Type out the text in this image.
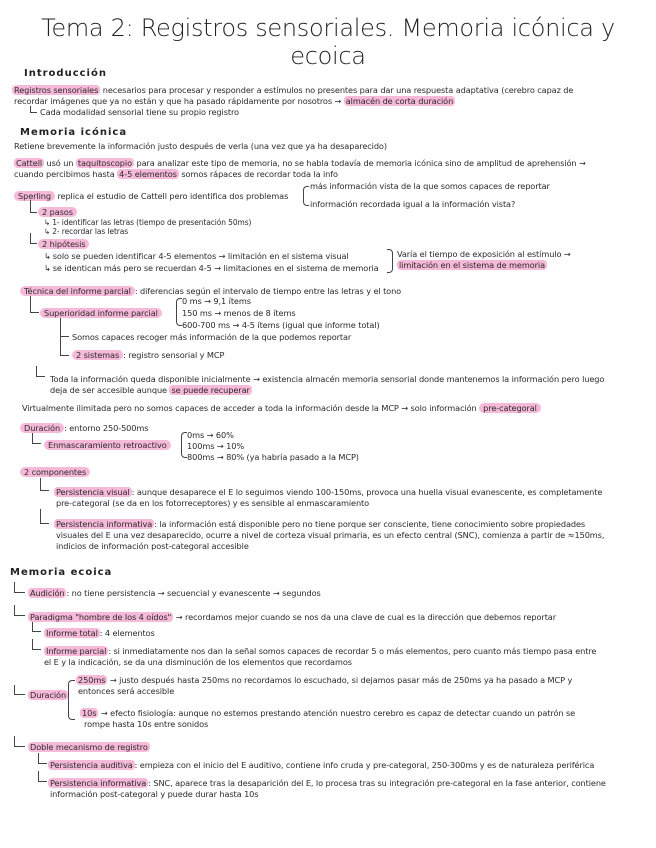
Tema 2: Registros sensoriales. Memoria icónica y ecoica
Introducción
Registros sensoriales necesarios para procesar y responder a estímulos no presentes para dar una respuesta adaptativa (cerebro capaz de
recordar imágenes que ya no están y que ha pasado rápidamente por nosotros → almacén de corta duración
Cada modalidad sensorial tiene su propio registro
Memoria icónica
Retiene brevemente la información justo después de verla (una vez que ya ha desaparecido)
Cattell usó un taquitoscopio para analizar este tipo de memoria, no se habla todavía de memoria icónica sino de amplitud de aprehensión →
cuando percibimos hasta 4-5 elementos somos rápaces de recordar toda la info
Sperling replica el estudio de Cattell pero identifica dos problemas
más información vista de la que somos capaces de reportar
información recordada igual a la información vista?
2 pasos
↳ 1- identificar las letras (tiempo de presentación 50ms)
↳ 2- recordar las letras
2 hipótesis
↳ solo se pueden identificar 4-5 elementos → limitación en el sistema visual
↳ se identican más pero se recuerdan 4-5 → limitaciones en el sistema de memoria
Varía el tiempo de exposición al estímulo →
limitación en el sistema de memoria
Técnica del informe parcial : diferencias según el intervalo de tiempo entre las letras y el tono
Superioridad informe parcial
0 ms → 9,1 ítems
150 ms → menos de 8 ítems
600-700 ms → 4-5 ítems (igual que informe total)
Somos capaces recoger más información de la que podemos reportar
2 sistemas : registro sensorial y MCP
Toda la información queda disponible inicialmente → existencia almacén memoria sensorial donde mantenemos la información pero luego
deja de ser accesible aunque se puede recuperar
Virtualmente ilimitada pero no somos capaces de acceder a toda la información desde la MCP → solo información pre-categoral
Duración : entorno 250-500ms
Enmascaramiento retroactivo
0ms → 60%
100ms → 10%
800ms → 80% (ya habría pasado a la MCP)
2 componentes
Persistencia visual : aunque desaparece el E lo seguimos viendo 100-150ms, provoca una huella visual evanescente, es completamente
pre-categoral (se da en los fotorreceptores) y es sensible al enmascaramiento
Persistencia informativa : la información está disponible pero no tiene porque ser consciente, tiene conocimiento sobre propiedades
visuales del E una vez desaparecido, ocurre a nivel de corteza visual primaria, es un efecto central (SNC), comienza a partir de ≈150ms,
indicios de información post-categoral accesible
Memoria ecoica
Audición : no tiene persistencia → secuencial y evanescente → segundos
Paradigma "hombre de los 4 oídos" → recordamos mejor cuando se nos da una clave de cual es la dirección que debemos reportar
Informe total : 4 elementos
Informe parcial : si inmediatamente nos dan la señal somos capaces de recordar 5 o más elementos, pero cuanto más tiempo pasa entre
el E y la indicación, se da una disminución de los elementos que recordamos
Duración
250ms → justo después hasta 250ms no recordamos lo escuchado, si dejamos pasar más de 250ms ya ha pasado a MCP y
entonces será accesible
10s → efecto fisiología: aunque no estemos prestando atención nuestro cerebro es capaz de detectar cuando un patrón se
rompe hasta 10s entre sonidos
Doble mecanismo de registro
Persistencia auditiva : empieza con el inicio del E auditivo, contiene info cruda y pre-categoral, 250-300ms y es de naturaleza periférica
Persistencia informativa : SNC, aparece tras la desaparición del E, lo procesa tras su integración pre-categoral en la fase anterior, contiene
información post-categoral y puede durar hasta 10s
